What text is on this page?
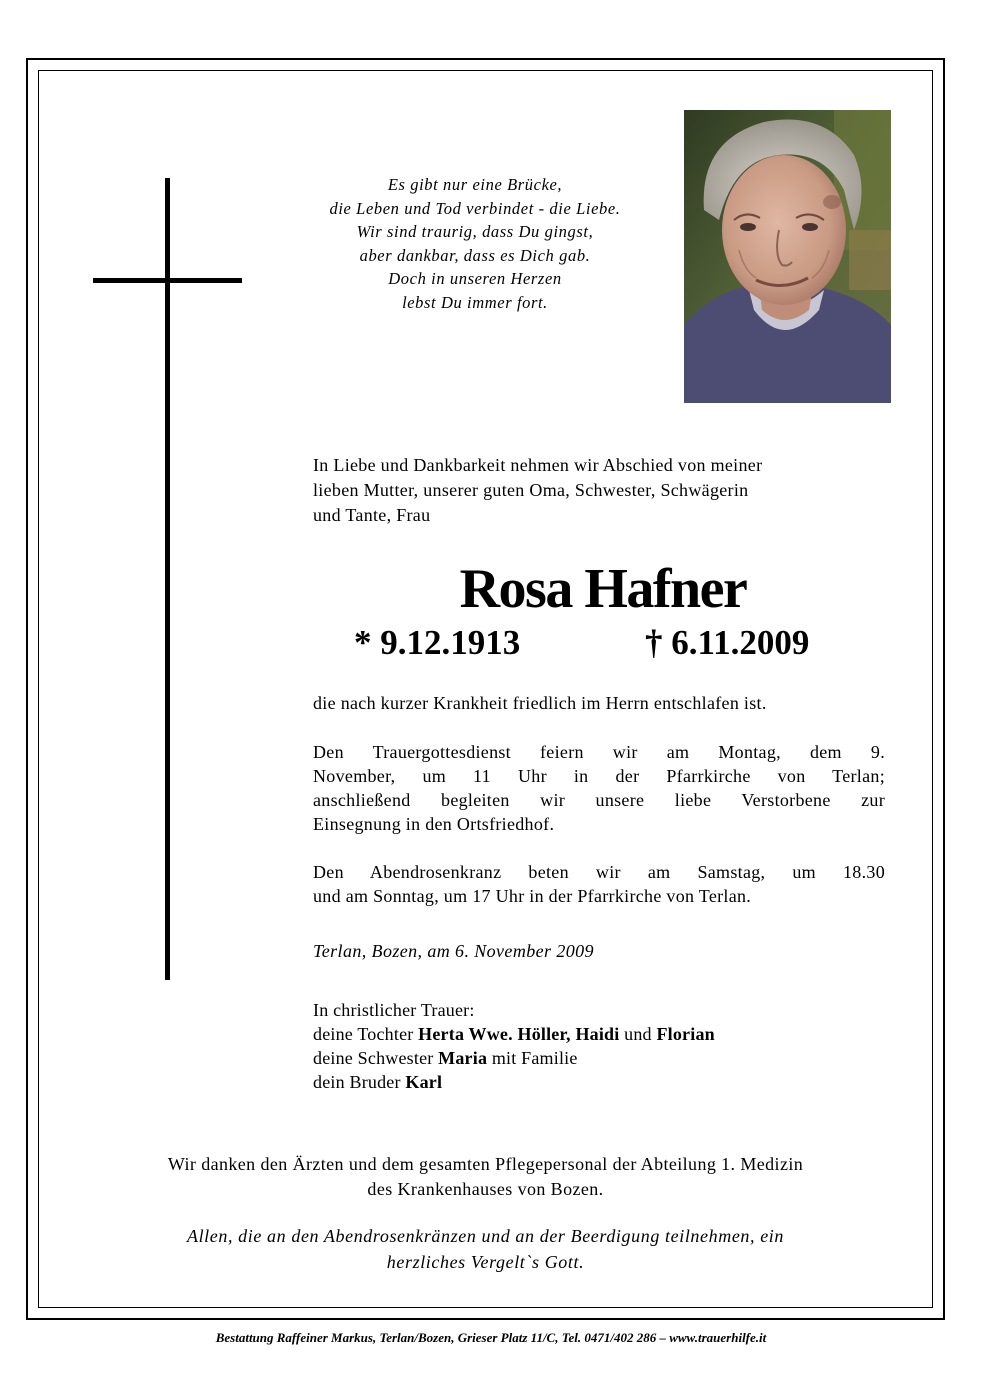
Es gibt nur eine Brücke,
die Leben und Tod verbindet - die Liebe.
Wir sind traurig, dass Du gingst,
aber dankbar, dass es Dich gab.
Doch in unseren Herzen
lebst Du immer fort.
In Liebe und Dankbarkeit nehmen wir Abschied von meiner
lieben Mutter, unserer guten Oma, Schwester, Schwägerin
und Tante, Frau
Rosa Hafner
* 9.12.1913	† 6.11.2009
die nach kurzer Krankheit friedlich im Herrn entschlafen ist.
Den Trauergottesdienst feiern wir am Montag, dem 9.
November, um 11 Uhr in der Pfarrkirche von Terlan;
anschließend begleiten wir unsere liebe Verstorbene zur
Einsegnung in den Ortsfriedhof.
Den Abendrosenkranz beten wir am Samstag, um 18.30
und am Sonntag, um 17 Uhr in der Pfarrkirche von Terlan.
Terlan, Bozen, am 6. November 2009
In christlicher Trauer:
deine Tochter Herta Wwe. Höller, Haidi und Florian
deine Schwester Maria mit Familie
dein Bruder Karl
Wir danken den Ärzten und dem gesamten Pflegepersonal der Abteilung 1. Medizin
des Krankenhauses von Bozen.
Allen, die an den Abendrosenkränzen und an der Beerdigung teilnehmen, ein
herzliches Vergelt`s Gott.
Bestattung Raffeiner Markus, Terlan/Bozen, Grieser Platz 11/C, Tel. 0471/402 286 – www.trauerhilfe.it
